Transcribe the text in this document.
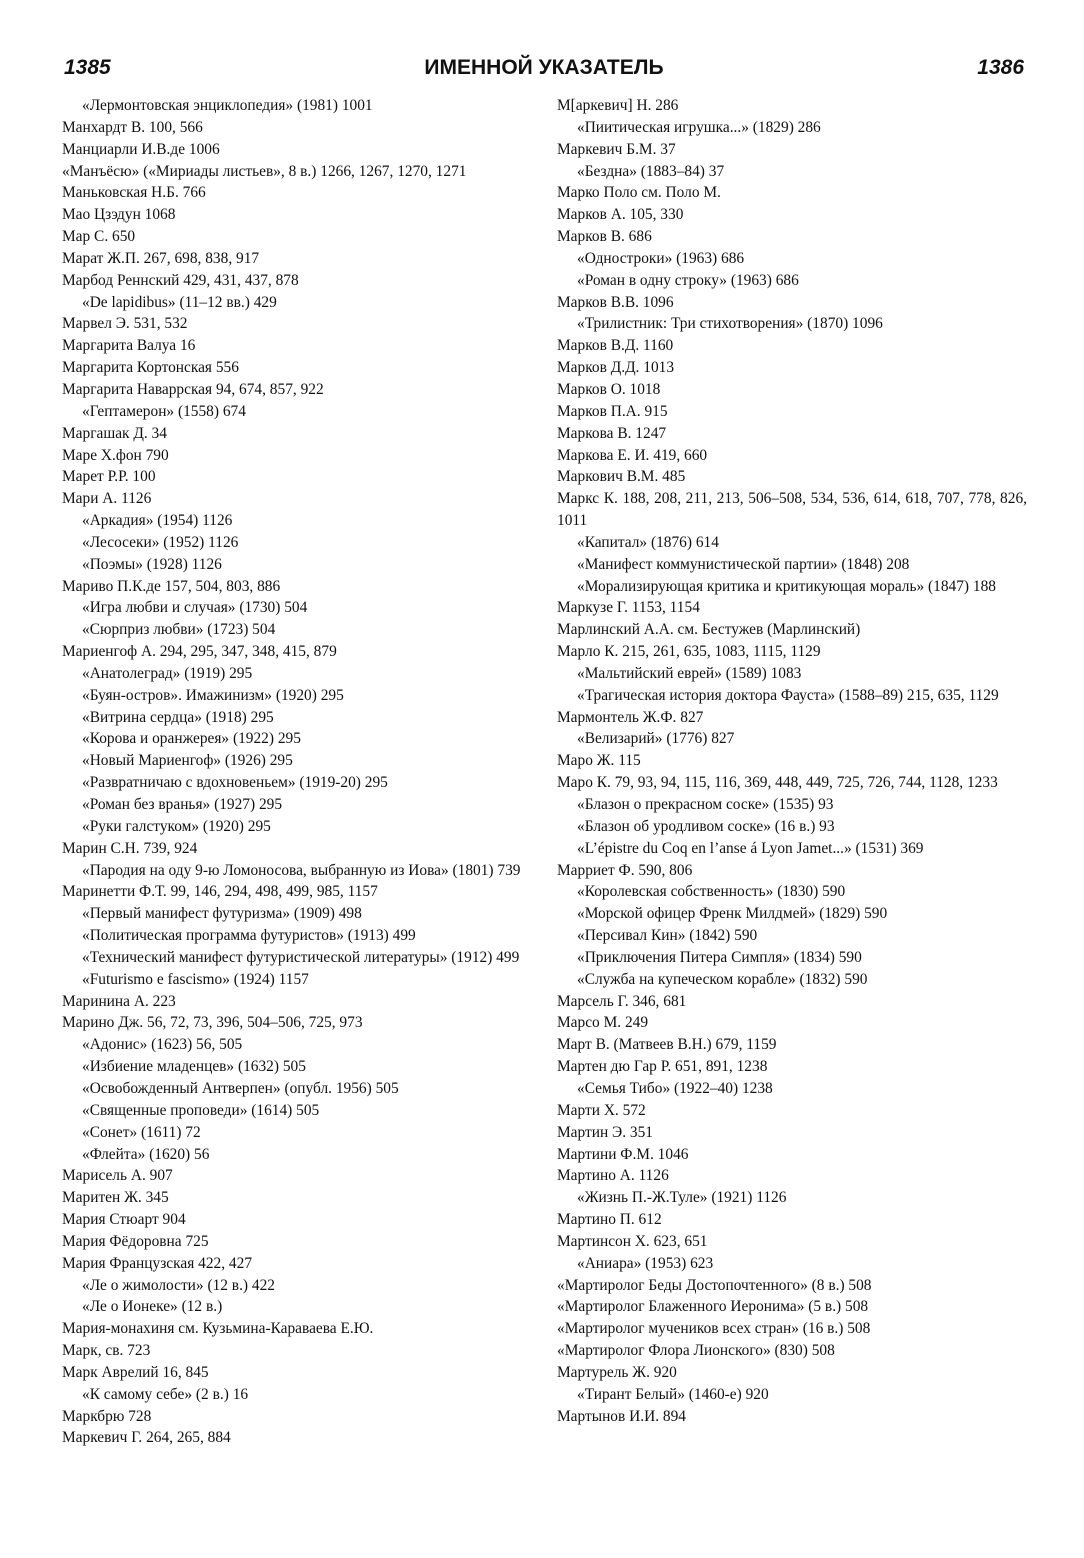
1385	ИМЕННОЙ УКАЗАТЕЛЬ	1386
«Лермонтовская энциклопедия» (1981) 1001
Манхардт В. 100, 566
Манциарли И.В.де 1006
«Манъёсю» («Мириады листьев», 8 в.) 1266, 1267, 1270, 1271
Маньковская Н.Б. 766
Мао Цзэдун 1068
Мар С. 650
Марат Ж.П. 267, 698, 838, 917
Марбод Реннский 429, 431, 437, 878
«De lapidibus» (11–12 вв.) 429
Марвел Э. 531, 532
Маргарита Валуа 16
Маргарита Кортонская 556
Маргарита Наваррская 94, 674, 857, 922
«Гептамерон» (1558) 674
Маргашак Д. 34
Маре Х.фон 790
Марет Р.Р. 100
Мари А. 1126
«Аркадия» (1954) 1126
«Лесосеки» (1952) 1126
«Поэмы» (1928) 1126
Мариво П.К.де 157, 504, 803, 886
«Игра любви и случая» (1730) 504
«Сюрприз любви» (1723) 504
Мариенгоф А. 294, 295, 347, 348, 415, 879
«Анатолеград» (1919) 295
«Буян-остров». Имажинизм» (1920) 295
«Витрина сердца» (1918) 295
«Корова и оранжерея» (1922) 295
«Новый Мариенгоф» (1926) 295
«Развратничаю с вдохновеньем» (1919-20) 295
«Роман без вранья» (1927) 295
«Руки галстуком» (1920) 295
Марин С.Н. 739, 924
«Пародия на оду 9-ю Ломоносова, выбранную из Иова» (1801) 739
Маринетти Ф.Т. 99, 146, 294, 498, 499, 985, 1157
«Первый манифест футуризма» (1909) 498
«Политическая программа футуристов» (1913) 499
«Технический манифест футуристической литературы» (1912) 499
«Futurismo e fascismo» (1924) 1157
Маринина А. 223
Марино Дж. 56, 72, 73, 396, 504–506, 725, 973
«Адонис» (1623) 56, 505
«Избиение младенцев» (1632) 505
«Освобожденный Антверпен» (опубл. 1956) 505
«Священные проповеди» (1614) 505
«Сонет» (1611) 72
«Флейта» (1620) 56
Марисель А. 907
Маритен Ж. 345
Мария Стюарт 904
Мария Фёдоровна 725
Мария Французская 422, 427
«Ле о жимолости» (12 в.) 422
«Ле о Ионеке» (12 в.)
Мария-монахиня см. Кузьмина-Караваева Е.Ю.
Марк, св. 723
Марк Аврелий 16, 845
«К самому себе» (2 в.) 16
Маркбрю 728
Маркевич Г. 264, 265, 884
М[аркевич] Н. 286
«Пиитическая игрушка...» (1829) 286
Маркевич Б.М. 37
«Бездна» (1883–84) 37
Марко Поло см. Поло М.
Марков А. 105, 330
Марков В. 686
«Одностроки» (1963) 686
«Роман в одну строку» (1963) 686
Марков В.В. 1096
«Трилистник: Три стихотворения» (1870) 1096
Марков В.Д. 1160
Марков Д.Д. 1013
Марков О. 1018
Марков П.А. 915
Маркова В. 1247
Маркова Е. И. 419, 660
Маркович В.М. 485
Маркс К. 188, 208, 211, 213, 506–508, 534, 536, 614, 618, 707, 778, 826, 1011
«Капитал» (1876) 614
«Манифест коммунистической партии» (1848) 208
«Морализирующая критика и критикующая мораль» (1847) 188
Маркузе Г. 1153, 1154
Марлинский А.А. см. Бестужев (Марлинский)
Марло К. 215, 261, 635, 1083, 1115, 1129
«Мальтийский еврей» (1589) 1083
«Трагическая история доктора Фауста» (1588–89) 215, 635, 1129
Мармонтель Ж.Ф. 827
«Велизарий» (1776) 827
Маро Ж. 115
Маро К. 79, 93, 94, 115, 116, 369, 448, 449, 725, 726, 744, 1128, 1233
«Блазон о прекрасном соске» (1535) 93
«Блазон об уродливом соске» (16 в.) 93
«L’épistre du Coq en l’anse á Lyon Jamet...» (1531) 369
Марриет Ф. 590, 806
«Королевская собственность» (1830) 590
«Морской офицер Френк Милдмей» (1829) 590
«Персивал Кин» (1842) 590
«Приключения Питера Симпля» (1834) 590
«Служба на купеческом корабле» (1832) 590
Марсель Г. 346, 681
Марсо М. 249
Март В. (Матвеев В.Н.) 679, 1159
Мартен дю Гар Р. 651, 891, 1238
«Семья Тибо» (1922–40) 1238
Марти Х. 572
Мартин Э. 351
Мартини Ф.М. 1046
Мартино А. 1126
«Жизнь П.-Ж.Туле» (1921) 1126
Мартино П. 612
Мартинсон Х. 623, 651
«Аниара» (1953) 623
«Мартиролог Беды Достопочтенного» (8 в.) 508
«Мартиролог Блаженного Иеронима» (5 в.) 508
«Мартиролог мучеников всех стран» (16 в.) 508
«Мартиролог Флора Лионского» (830) 508
Мартурель Ж. 920
«Тирант Белый» (1460-е) 920
Мартынов И.И. 894
